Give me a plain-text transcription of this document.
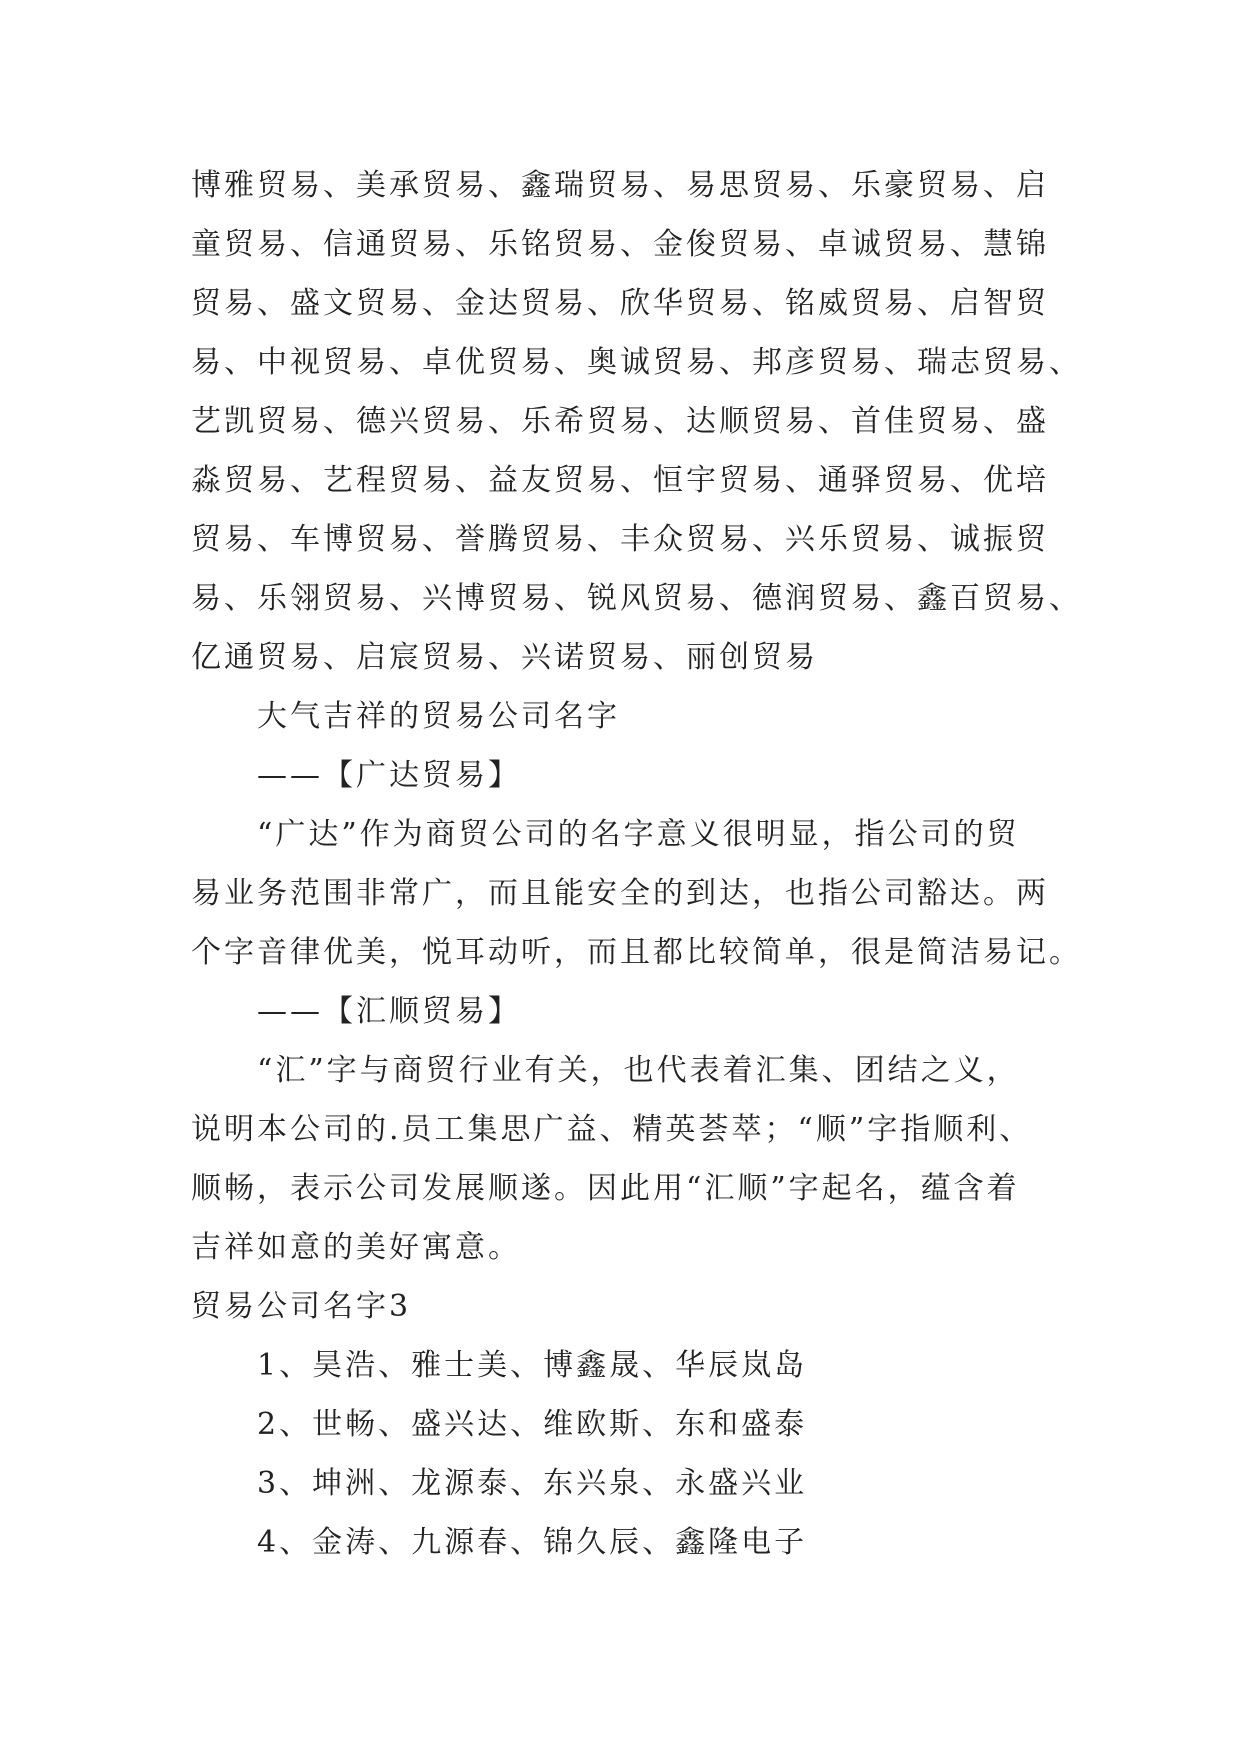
博雅贸易、美承贸易、鑫瑞贸易、易思贸易、乐豪贸易、启
童贸易、信通贸易、乐铭贸易、金俊贸易、卓诚贸易、慧锦
贸易、盛文贸易、金达贸易、欣华贸易、铭威贸易、启智贸
易、中视贸易、卓优贸易、奥诚贸易、邦彦贸易、瑞志贸易、
艺凯贸易、德兴贸易、乐希贸易、达顺贸易、首佳贸易、盛
淼贸易、艺程贸易、益友贸易、恒宇贸易、通驿贸易、优培
贸易、车博贸易、誉腾贸易、丰众贸易、兴乐贸易、诚振贸
易、乐翎贸易、兴博贸易、锐风贸易、德润贸易、鑫百贸易、
亿通贸易、启宸贸易、兴诺贸易、丽创贸易
大气吉祥的贸易公司名字
——【广达贸易】
“广达”作为商贸公司的名字意义很明显，指公司的贸
易业务范围非常广，而且能安全的到达，也指公司豁达。两
个字音律优美，悦耳动听，而且都比较简单，很是简洁易记。
——【汇顺贸易】
“汇”字与商贸行业有关，也代表着汇集、团结之义，
说明本公司的.员工集思广益、精英荟萃；“顺”字指顺利、
顺畅，表示公司发展顺遂。因此用“汇顺”字起名，蕴含着
吉祥如意的美好寓意。
贸易公司名字3
1、昊浩、雅士美、博鑫晟、华辰岚岛
2、世畅、盛兴达、维欧斯、东和盛泰
3、坤洲、龙源泰、东兴泉、永盛兴业
4、金涛、九源春、锦久辰、鑫隆电子
